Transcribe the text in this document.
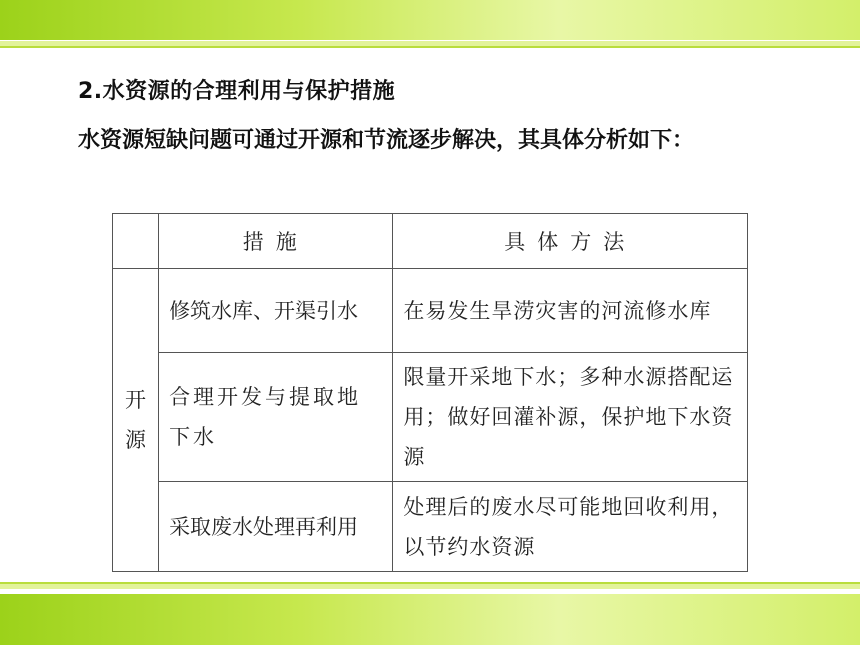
2.水资源的合理利用与保护措施
水资源短缺问题可通过开源和节流逐步解决，其具体分析如下：
	措施	具体方法

开源	修筑水库、开渠引水	在易发生旱涝灾害的河流修水库
	合理开发与提取地下水	限量开采地下水；多种水源搭配运用；做好回灌补源，保护地下水资源
	采取废水处理再利用	处理后的废水尽可能地回收利用，以节约水资源
